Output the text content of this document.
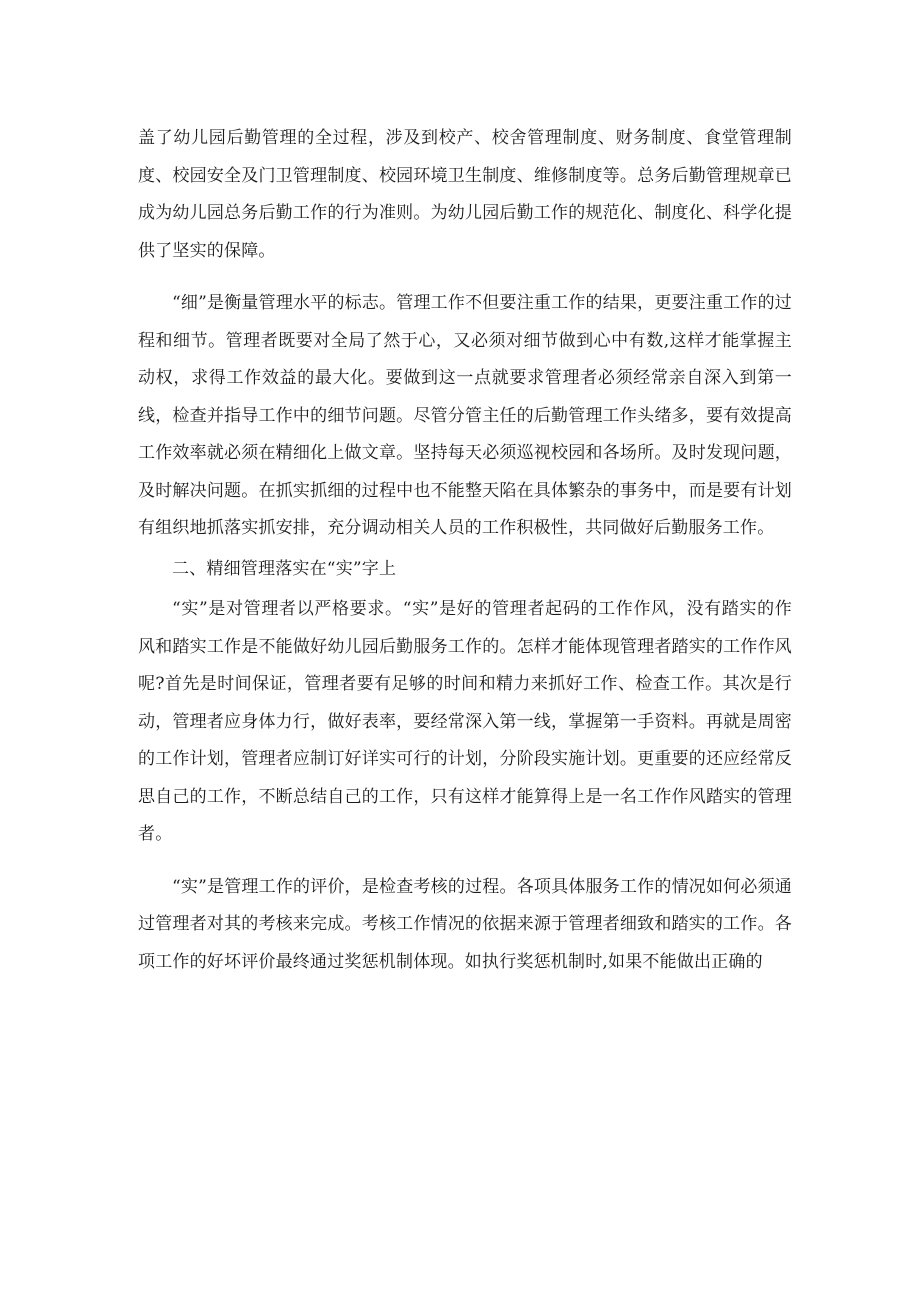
盖了幼儿园后勤管理的全过程，涉及到校产、校舍管理制度、财务制度、食堂管理制度、校园安全及门卫管理制度、校园环境卫生制度、维修制度等。总务后勤管理规章已成为幼儿园总务后勤工作的行为准则。为幼儿园后勤工作的规范化、制度化、科学化提供了坚实的保障。

“细”是衡量管理水平的标志。管理工作不但要注重工作的结果，更要注重工作的过程和细节。管理者既要对全局了然于心，又必须对细节做到心中有数,这样才能掌握主动权，求得工作效益的最大化。要做到这一点就要求管理者必须经常亲自深入到第一线，检查并指导工作中的细节问题。尽管分管主任的后勤管理工作头绪多，要有效提高工作效率就必须在精细化上做文章。坚持每天必须巡视校园和各场所。及时发现问题，及时解决问题。在抓实抓细的过程中也不能整天陷在具体繁杂的事务中，而是要有计划有组织地抓落实抓安排，充分调动相关人员的工作积极性，共同做好后勤服务工作。

二、精细管理落实在“实”字上

“实”是对管理者以严格要求。“实”是好的管理者起码的工作作风，没有踏实的作风和踏实工作是不能做好幼儿园后勤服务工作的。怎样才能体现管理者踏实的工作作风呢?首先是时间保证，管理者要有足够的时间和精力来抓好工作、检查工作。其次是行动，管理者应身体力行，做好表率，要经常深入第一线，掌握第一手资料。再就是周密的工作计划，管理者应制订好详实可行的计划，分阶段实施计划。更重要的还应经常反思自己的工作，不断总结自己的工作，只有这样才能算得上是一名工作作风踏实的管理者。

“实”是管理工作的评价，是检查考核的过程。各项具体服务工作的情况如何必须通过管理者对其的考核来完成。考核工作情况的依据来源于管理者细致和踏实的工作。各项工作的好坏评价最终通过奖惩机制体现。如执行奖惩机制时,如果不能做出正确的
